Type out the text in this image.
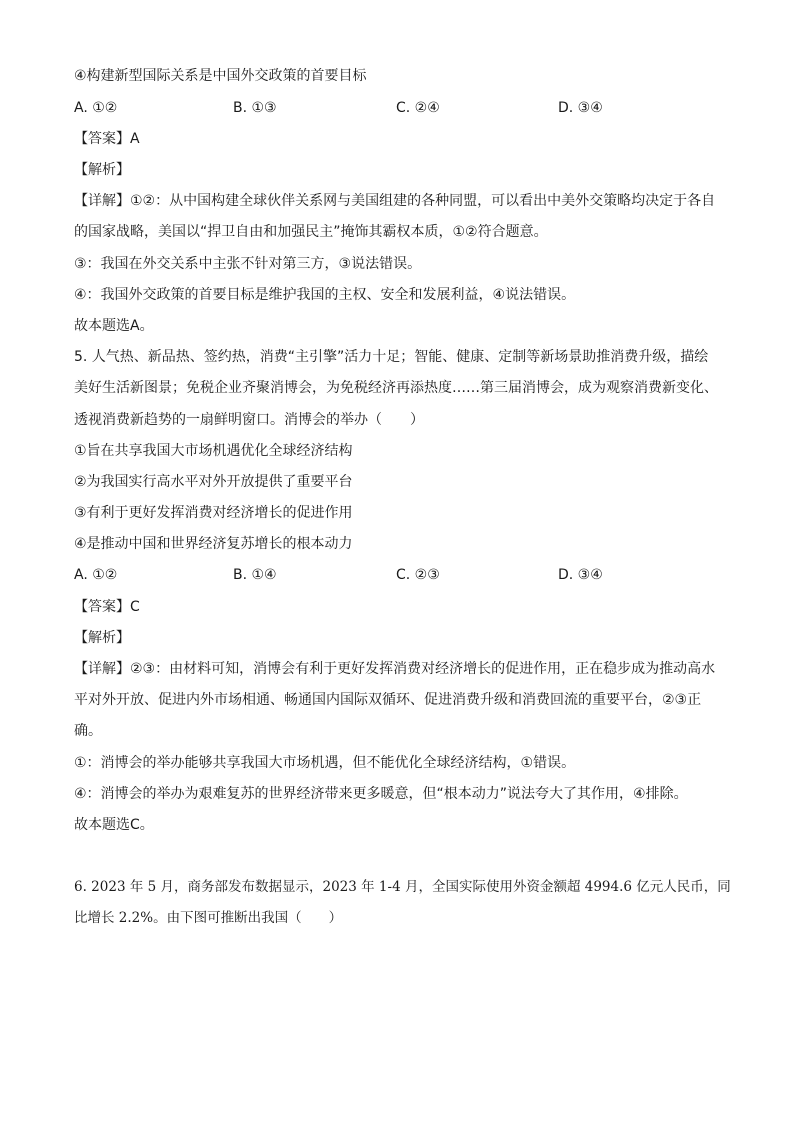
④构建新型国际关系是中国外交政策的首要目标
A. ①②	B. ①③	C. ②④	D. ③④
【答案】A
【解析】
【详解】①②：从中国构建全球伙伴关系网与美国组建的各种同盟，可以看出中美外交策略均决定于各自
的国家战略，美国以“捍卫自由和加强民主”掩饰其霸权本质，①②符合题意。
③：我国在外交关系中主张不针对第三方，③说法错误。
④：我国外交政策的首要目标是维护我国的主权、安全和发展利益，④说法错误。
故本题选A。
5. 人气热、新品热、签约热，消费“主引擎”活力十足；智能、健康、定制等新场景助推消费升级，描绘
美好生活新图景；免税企业齐聚消博会，为免税经济再添热度……第三届消博会，成为观察消费新变化、
透视消费新趋势的一扇鲜明窗口。消博会的举办（　　）
①旨在共享我国大市场机遇优化全球经济结构
②为我国实行高水平对外开放提供了重要平台
③有利于更好发挥消费对经济增长的促进作用
④是推动中国和世界经济复苏增长的根本动力
A. ①②	B. ①④	C. ②③	D. ③④
【答案】C
【解析】
【详解】②③：由材料可知，消博会有利于更好发挥消费对经济增长的促进作用，正在稳步成为推动高水
平对外开放、促进内外市场相通、畅通国内国际双循环、促进消费升级和消费回流的重要平台，②③正
确。
①：消博会的举办能够共享我国大市场机遇，但不能优化全球经济结构，①错误。
④：消博会的举办为艰难复苏的世界经济带来更多暖意，但“根本动力”说法夸大了其作用，④排除。
故本题选C。
6. 2023 年 5 月，商务部发布数据显示，2023 年 1-4 月，全国实际使用外资金额超 4994.6 亿元人民币，同
比增长 2.2%。由下图可推断出我国（　　）
